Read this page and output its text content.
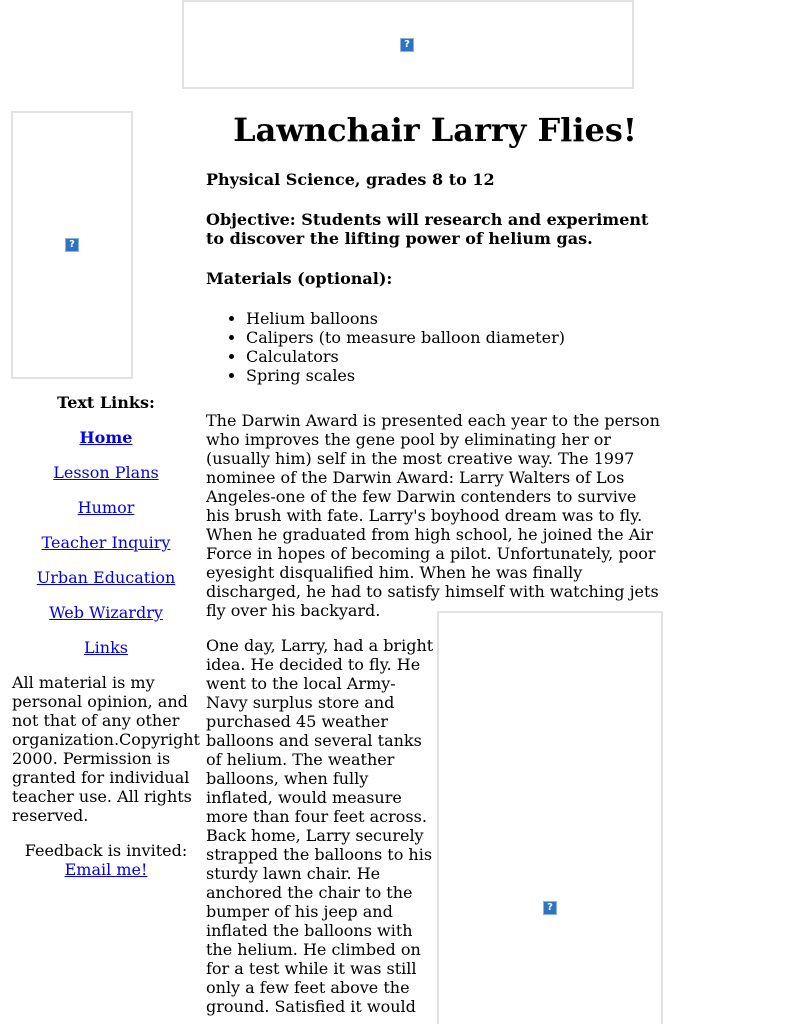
?
?

Text Links:

Home
Lesson Plans
Humor
Teacher Inquiry
Urban Education
Web Wizardry
Links

All material is my personal opinion, and not that of any other organization.Copyright 2000. Permission is granted for individual teacher use. All rights reserved.

Feedback is invited:
Email me!

Lawnchair Larry Flies!

Physical Science, grades 8 to 12

Objective: Students will research and experiment to discover the lifting power of helium gas.

Materials (optional):

• Helium balloons
• Calipers (to measure balloon diameter)
• Calculators
• Spring scales

The Darwin Award is presented each year to the person who improves the gene pool by eliminating her or (usually him) self in the most creative way. The 1997 nominee of the Darwin Award: Larry Walters of Los Angeles-one of the few Darwin contenders to survive his brush with fate. Larry's boyhood dream was to fly. When he graduated from high school, he joined the Air Force in hopes of becoming a pilot. Unfortunately, poor eyesight disqualified him. When he was finally discharged, he had to satisfy himself with watching jets fly over his backyard.

One day, Larry, had a bright idea. He decided to fly. He went to the local Army-Navy surplus store and purchased 45 weather balloons and several tanks of helium. The weather balloons, when fully inflated, would measure more than four feet across. Back home, Larry securely strapped the balloons to his sturdy lawn chair. He anchored the chair to the bumper of his jeep and inflated the balloons with the helium. He climbed on for a test while it was still only a few feet above the ground. Satisfied it would

?
